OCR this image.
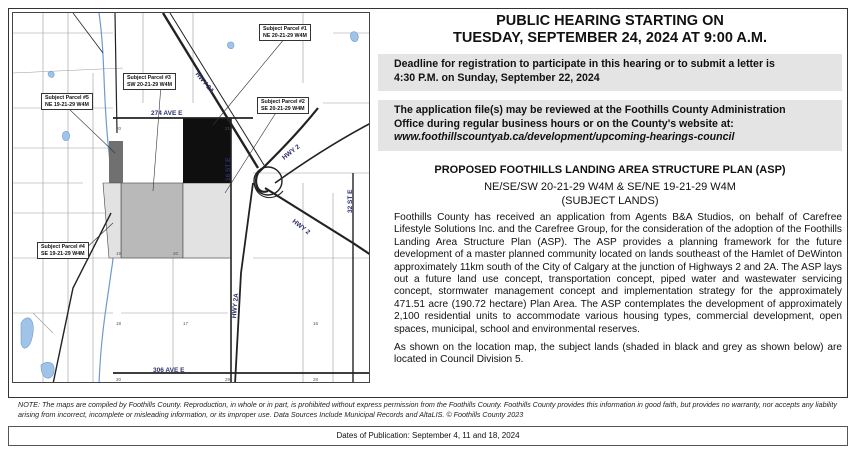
20	21
19	20
18	17	16
30	29	28
Subject Parcel #1
NE 20-21-29 W4M
Subject Parcel #3
SW 20-21-29 W4M
Subject Parcel #2
SE 20-21-29 W4M
Subject Parcel #5
NE 19-21-29 W4M
Subject Parcel #4
SE 19-21-29 W4M
274 AVE E
306 AVE E
16 ST E
32 ST E
HWY 2A
HWY 2A
HWY 2
HWY 2
PUBLIC HEARING STARTING ON
TUESDAY, SEPTEMBER 24, 2024 AT 9:00 A.M.
Deadline for registration to participate in this hearing or to submit a letter is
4:30 P.M. on Sunday, September 22, 2024
The application file(s) may be reviewed at the Foothills County Administration
Office during regular business hours or on the County's website at:
www.foothillscountyab.ca/development/upcoming-hearings-council
PROPOSED FOOTHILLS LANDING AREA STRUCTURE PLAN (ASP)
NE/SE/SW 20-21-29 W4M & SE/NE 19-21-29 W4M
(SUBJECT LANDS)

Foothills County has received an application from Agents B&A Studios, on behalf of Carefree Lifestyle Solutions Inc. and the Carefree Group, for the consideration of the adoption of the Foothills Landing Area Structure Plan (ASP). The ASP provides a planning framework for the future development of a master planned community located on lands southeast of the Hamlet of DeWinton approximately 11km south of the City of Calgary at the junction of Highways 2 and 2A. The ASP lays out a future land use concept, transportation concept, piped water and wastewater servicing concept, stormwater management concept and implementation strategy for the approximately 471.51 acre (190.72 hectare) Plan Area. The ASP contemplates the development of approximately 2,100 residential units to accommodate various housing types, commercial development, open spaces, municipal, school and environmental reserves.

As shown on the location map, the subject lands (shaded in black and grey as shown below) are located in Council Division 5.

NOTE: The maps are compiled by Foothills County. Reproduction, in whole or in part, is prohibited without express permission from the Foothills County. Foothills County provides this information in good faith, but provides no warranty, nor accepts any liability arising from incorrect, incomplete or misleading information, or its improper use. Data Sources Include Municipal Records and AltaLIS. © Foothills County 2023
Dates of Publication: September 4, 11 and 18, 2024
